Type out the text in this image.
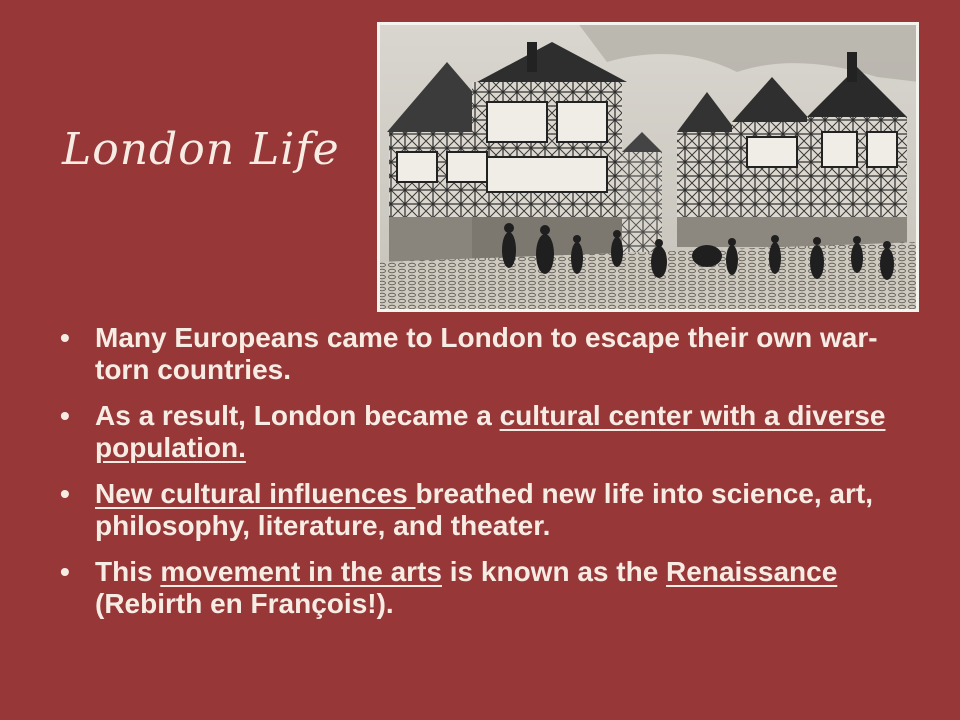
London Life
• Many Europeans came to London to escape their own war-torn countries.
• As a result, London became a cultural center with a diverse population.
• New cultural influences breathed new life into science, art, philosophy, literature, and theater.
• This movement in the arts is known as the Renaissance (Rebirth en François!).
